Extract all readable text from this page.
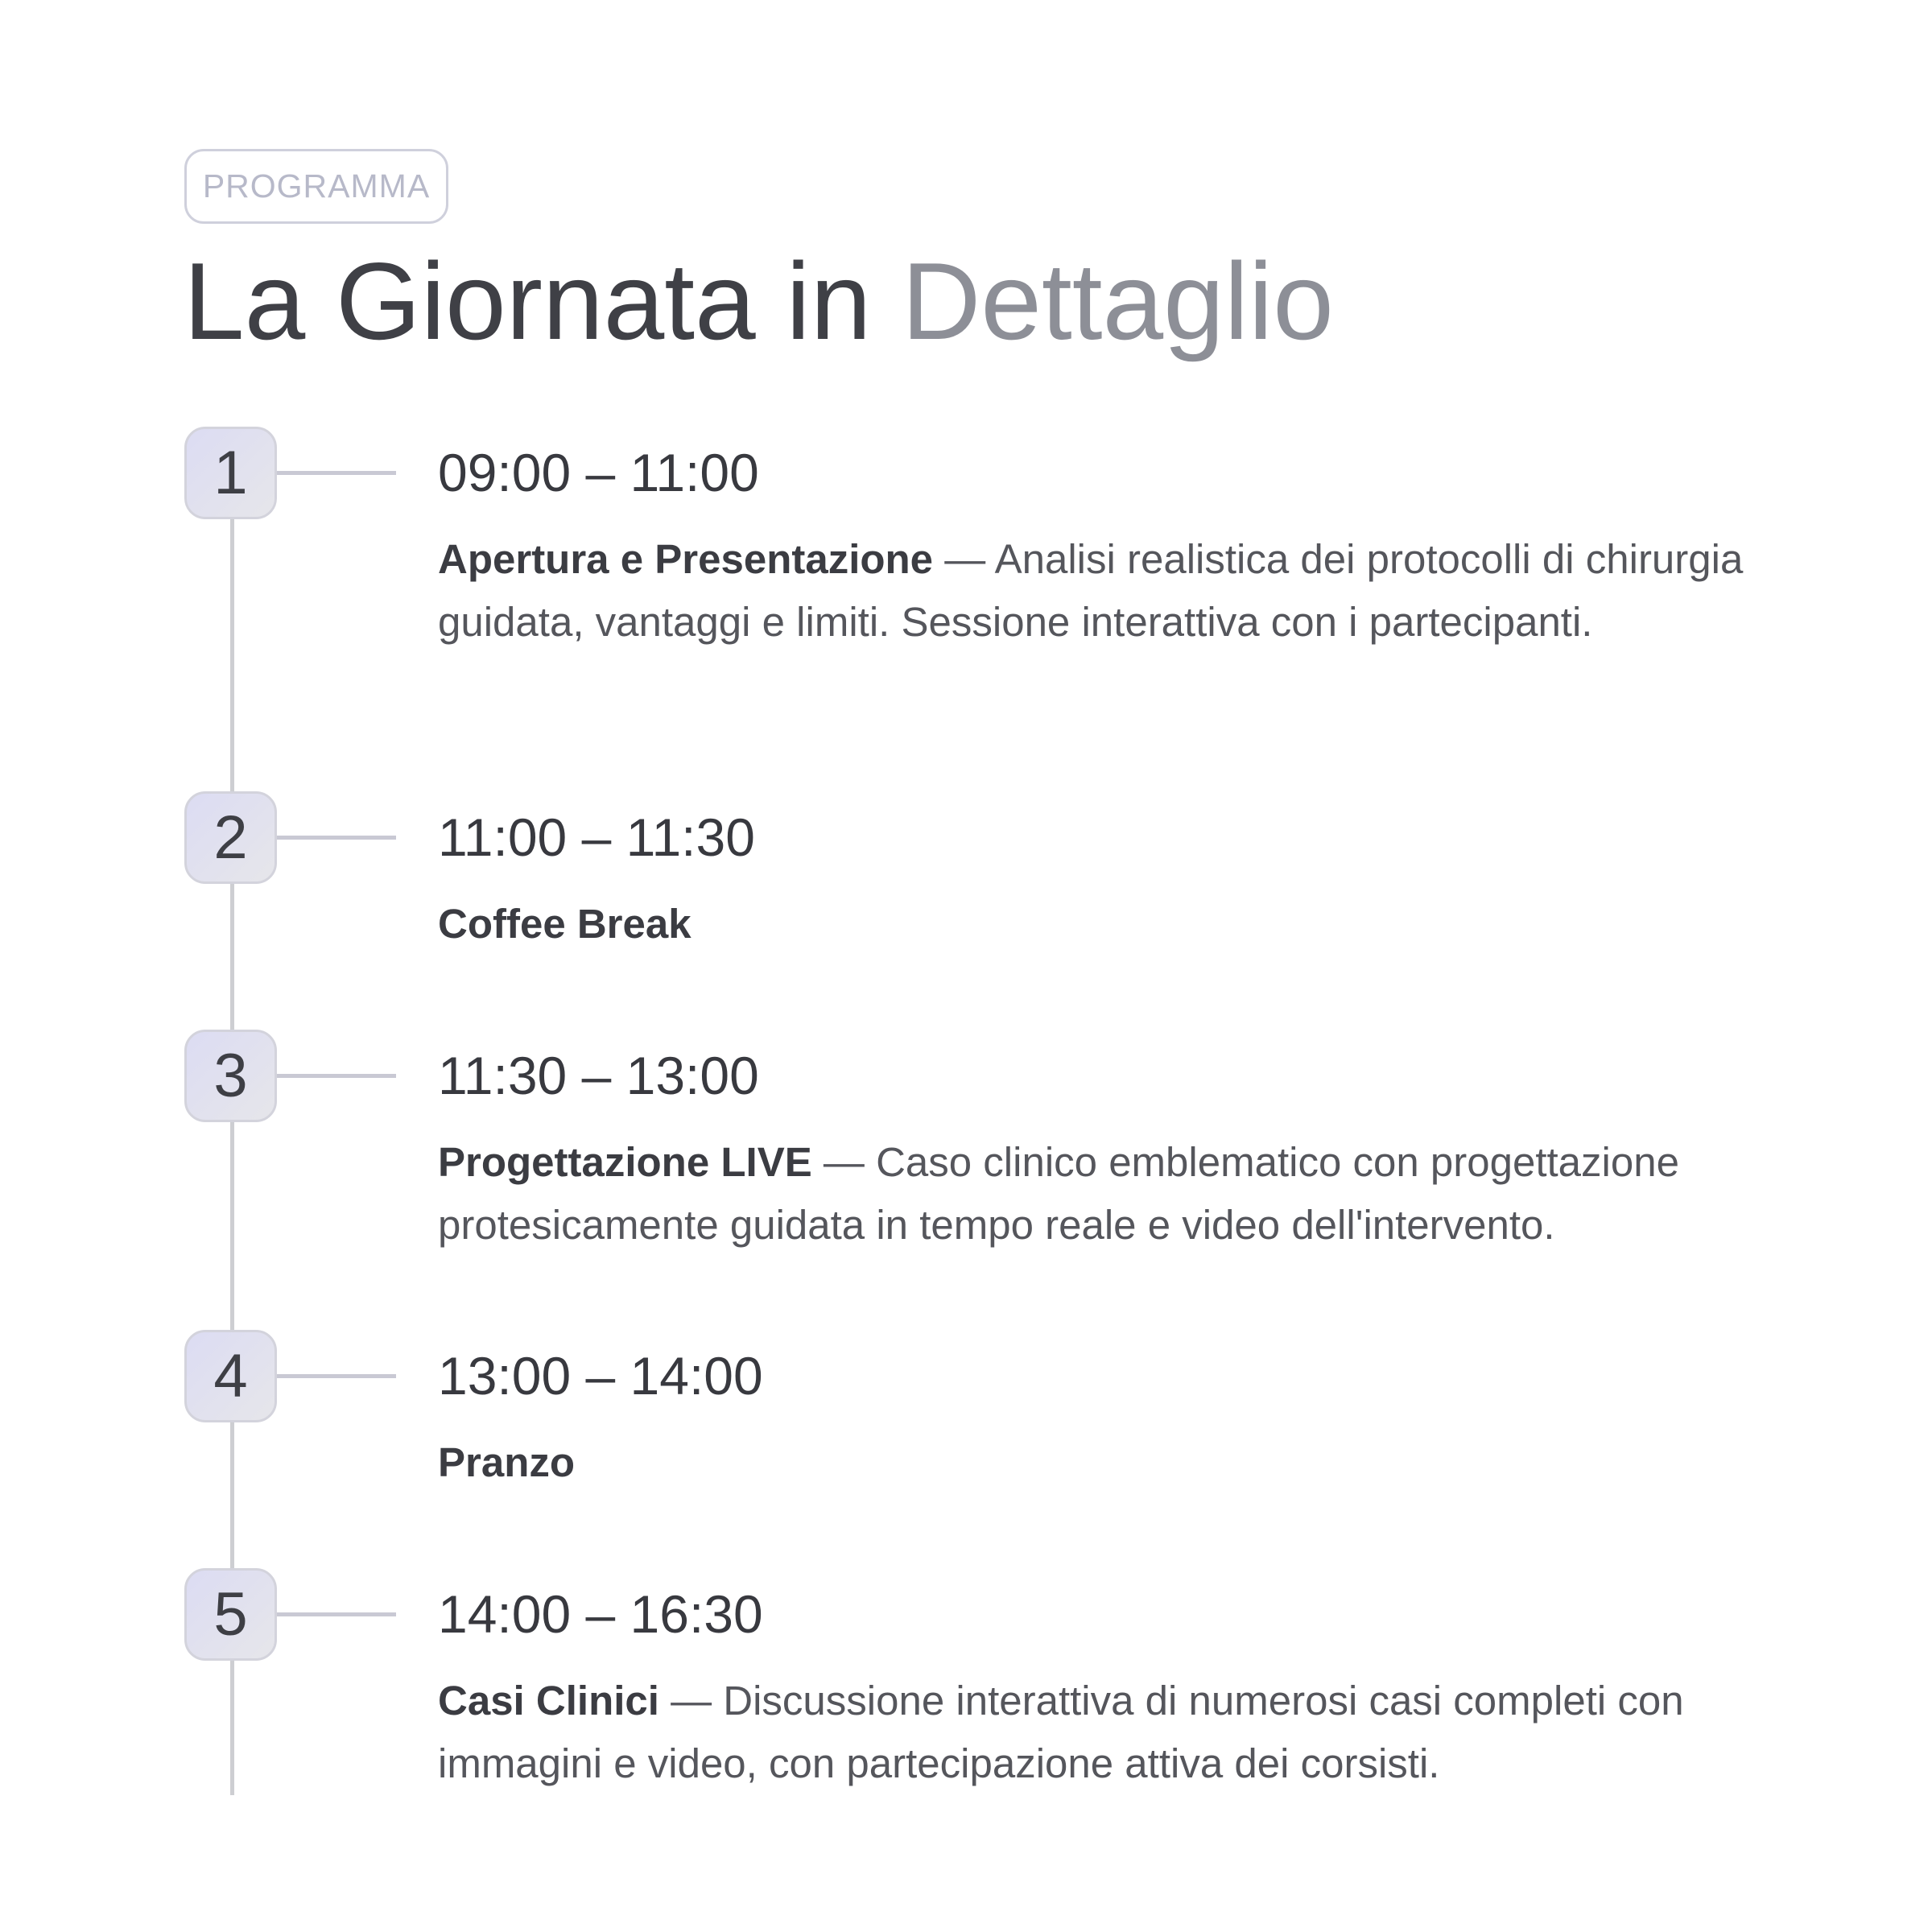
PROGRAMMA
La Giornata in Dettaglio
1	09:00 – 11:00

Apertura e Presentazione — Analisi realistica dei protocolli di chirurgia guidata, vantaggi e limiti. Sessione interattiva con i partecipanti.

2	11:00 – 11:30

Coffee Break

3	11:30 – 13:00

Progettazione LIVE — Caso clinico emblematico con progettazione protesicamente guidata in tempo reale e video dell'intervento.

4	13:00 – 14:00

Pranzo

5	14:00 – 16:30

Casi Clinici — Discussione interattiva di numerosi casi completi con immagini e video, con partecipazione attiva dei corsisti.
